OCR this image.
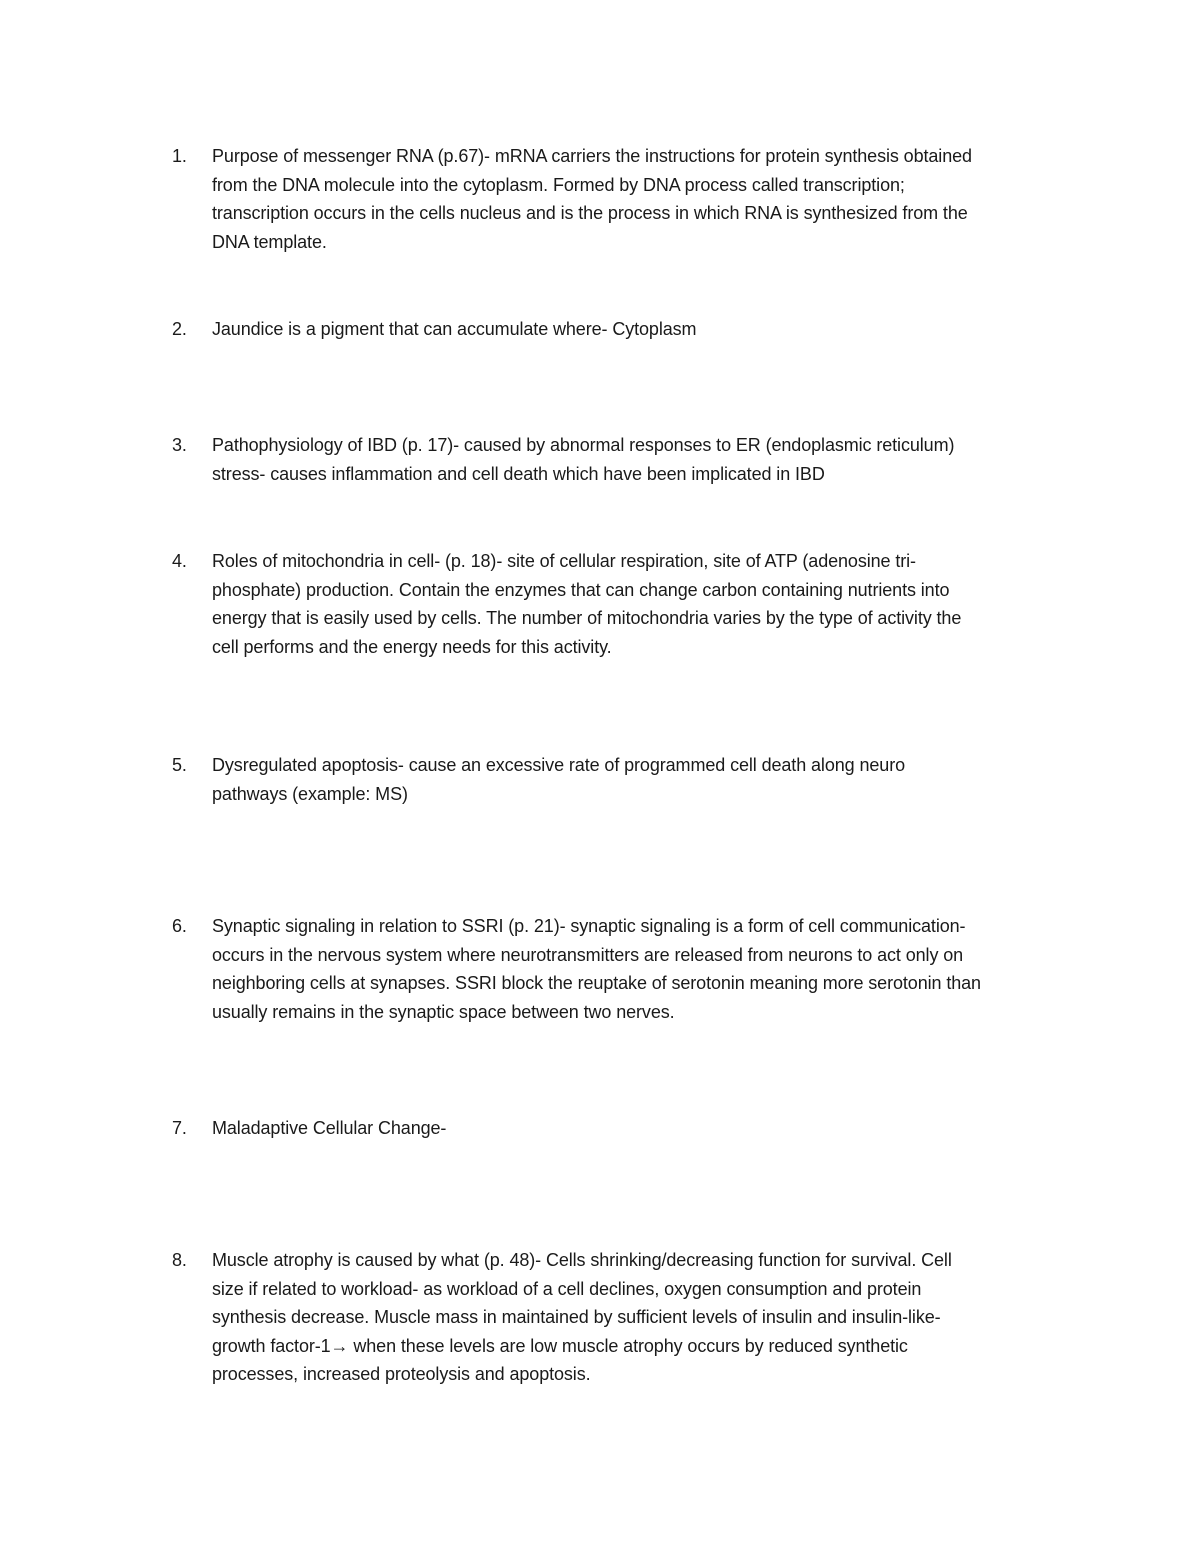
1.	Purpose of messenger RNA (p.67)- mRNA carriers the instructions for protein synthesis obtained
from the DNA molecule into the cytoplasm. Formed by DNA process called transcription;
transcription occurs in the cells nucleus and is the process in which RNA is synthesized from the
DNA template.
2.	Jaundice is a pigment that can accumulate where- Cytoplasm
3.	Pathophysiology of IBD (p. 17)- caused by abnormal responses to ER (endoplasmic reticulum)
stress- causes inflammation and cell death which have been implicated in IBD
4.	Roles of mitochondria in cell- (p. 18)- site of cellular respiration, site of ATP (adenosine tri-
phosphate) production. Contain the enzymes that can change carbon containing nutrients into
energy that is easily used by cells. The number of mitochondria varies by the type of activity the
cell performs and the energy needs for this activity.
5.	Dysregulated apoptosis- cause an excessive rate of programmed cell death along neuro
pathways (example: MS)
6.	Synaptic signaling in relation to SSRI (p. 21)- synaptic signaling is a form of cell communication-
occurs in the nervous system where neurotransmitters are released from neurons to act only on
neighboring cells at synapses. SSRI block the reuptake of serotonin meaning more serotonin than
usually remains in the synaptic space between two nerves.
7.	Maladaptive Cellular Change-
8.	Muscle atrophy is caused by what (p. 48)- Cells shrinking/decreasing function for survival. Cell
size if related to workload- as workload of a cell declines, oxygen consumption and protein
synthesis decrease. Muscle mass in maintained by sufficient levels of insulin and insulin-like-
growth factor-1→ when these levels are low muscle atrophy occurs by reduced synthetic
processes, increased proteolysis and apoptosis.
